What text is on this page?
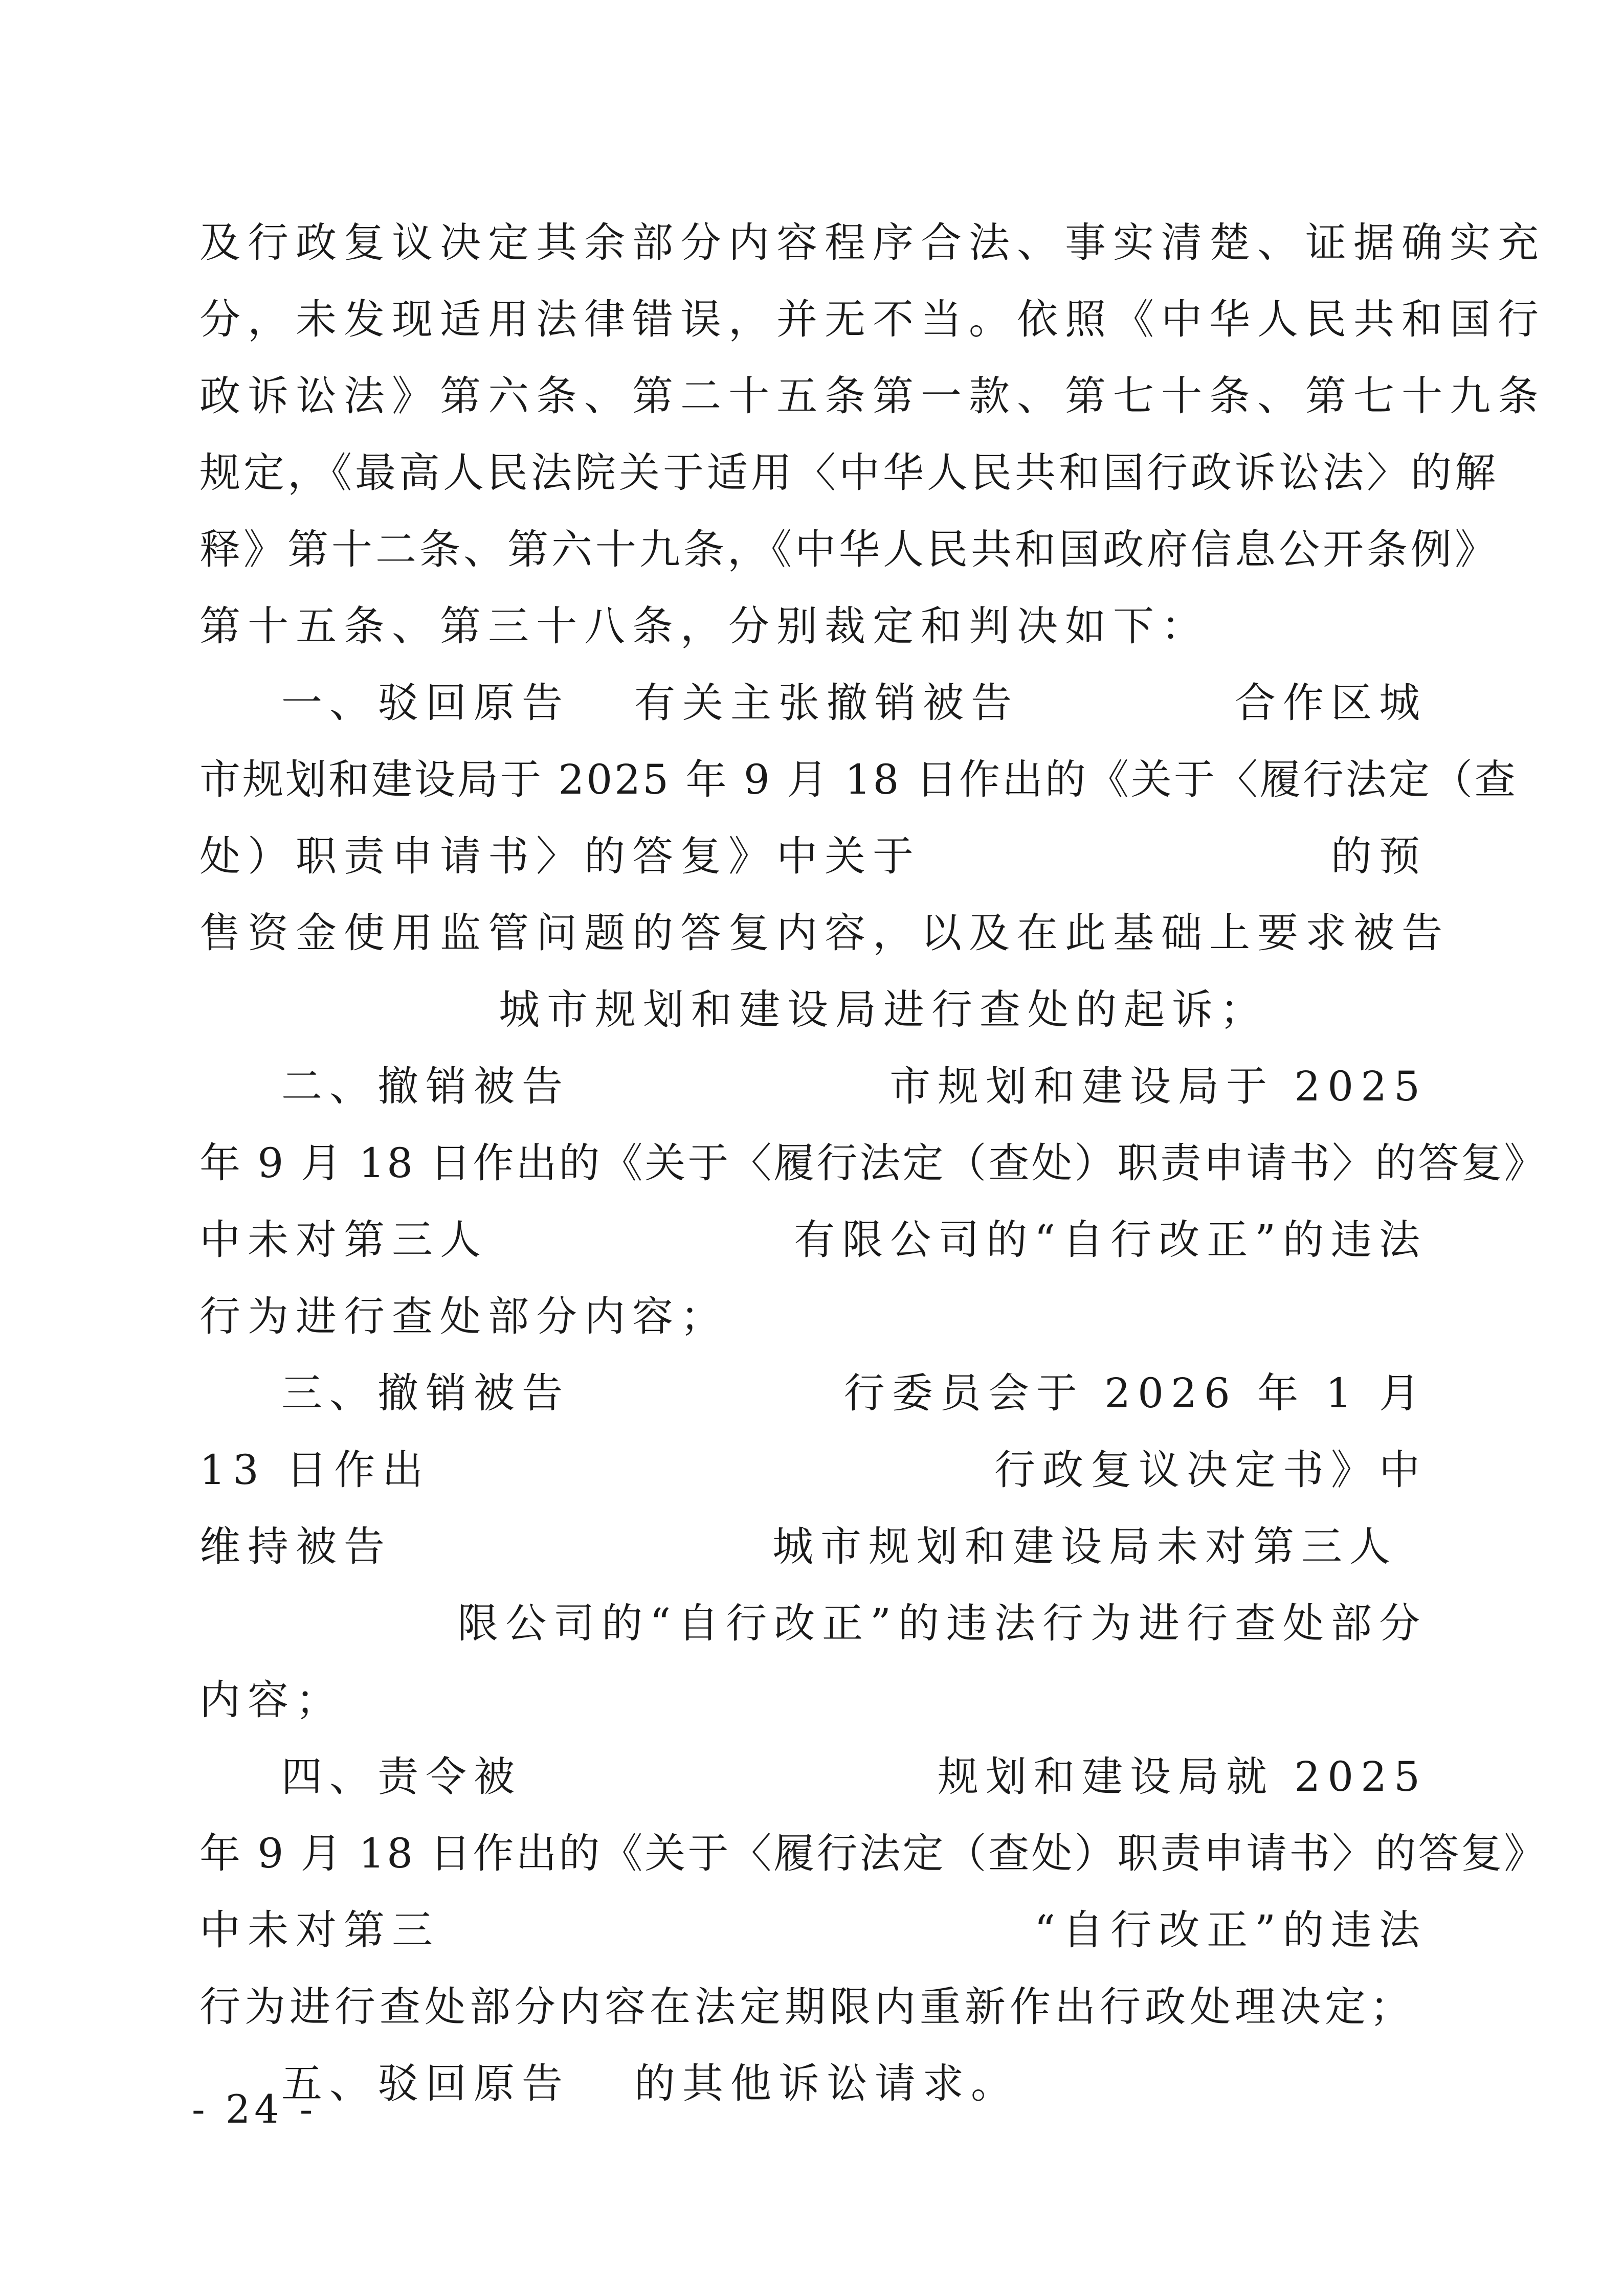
及行政复议决定其余部分内容程序合法、事实清楚、证据确实充
分，未发现适用法律错误，并无不当。依照《中华人民共和国行
政诉讼法》第六条、第二十五条第一款、第七十条、第七十九条
规定，《最高人民法院关于适用〈中华人民共和国行政诉讼法〉的解
释》第十二条、第六十九条，《中华人民共和国政府信息公开条例》
第十五条、第三十八条，分别裁定和判决如下：
一、驳回原告 有关主张撤销被告	合作区城
市规划和建设局于 2025 年 9 月 18 日作出的《关于〈履行法定（查
处）职责申请书〉的答复》中关于	的预
售资金使用监管问题的答复内容，以及在此基础上要求被告
城市规划和建设局进行查处的起诉；
二、撤销被告	市规划和建设局于 2025
年 9 月 18 日作出的《关于〈履行法定（查处）职责申请书〉的答复》
中未对第三人	有限公司的“自行改正”的违法
行为进行查处部分内容；
三、撤销被告	行委员会于 2026 年 1 月
13 日作出	行政复议决定书》中
维持被告	城市规划和建设局未对第三人
限公司的“自行改正”的违法行为进行查处部分
内容；
四、责令被	规划和建设局就 2025
年 9 月 18 日作出的《关于〈履行法定（查处）职责申请书〉的答复》
中未对第三	“自行改正”的违法
行为进行查处部分内容在法定期限内重新作出行政处理决定；
五、驳回原告 的其他诉讼请求。
- 24 -
